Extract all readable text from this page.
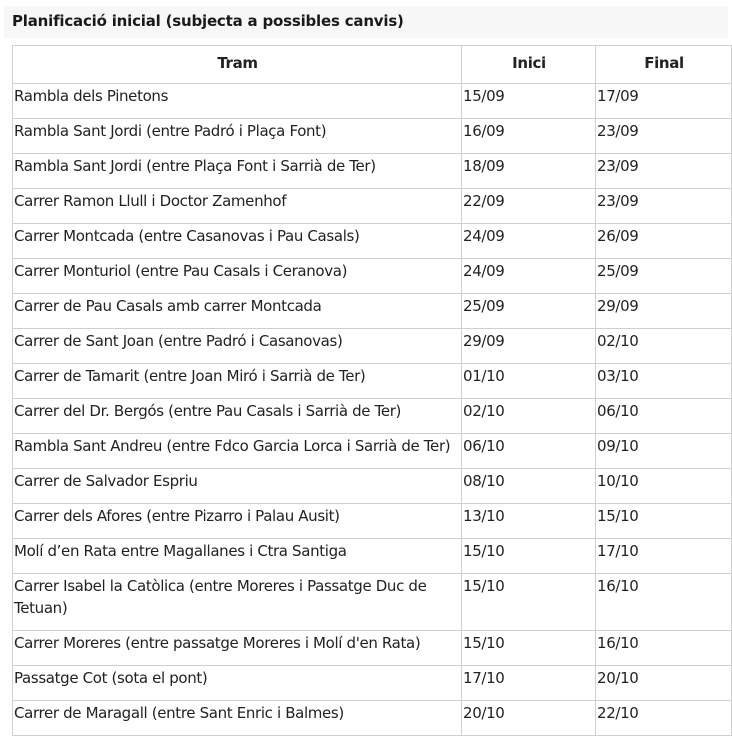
Planificació inicial (subjecta a possibles canvis)
Tram	Inici	Final
Rambla dels Pinetons	15/09	17/09
Rambla Sant Jordi (entre Padró i Plaça Font)	16/09	23/09
Rambla Sant Jordi (entre Plaça Font i Sarrià de Ter)	18/09	23/09
Carrer Ramon Llull i Doctor Zamenhof	22/09	23/09
Carrer Montcada (entre Casanovas i Pau Casals)	24/09	26/09
Carrer Monturiol (entre Pau Casals i Ceranova)	24/09	25/09
Carrer de Pau Casals amb carrer Montcada	25/09	29/09
Carrer de Sant Joan (entre Padró i Casanovas)	29/09	02/10
Carrer de Tamarit (entre Joan Miró i Sarrià de Ter)	01/10	03/10
Carrer del Dr. Bergós (entre Pau Casals i Sarrià de Ter)	02/10	06/10
Rambla Sant Andreu (entre Fdco Garcia Lorca i Sarrià de Ter)	06/10	09/10
Carrer de Salvador Espriu	08/10	10/10
Carrer dels Afores (entre Pizarro i Palau Ausit)	13/10	15/10
Molí d’en Rata entre Magallanes i Ctra Santiga	15/10	17/10
Carrer Isabel la Catòlica (entre Moreres i Passatge Duc de Tetuan)	15/10	16/10
Carrer Moreres (entre passatge Moreres i Molí d'en Rata)	15/10	16/10
Passatge Cot (sota el pont)	17/10	20/10
Carrer de Maragall (entre Sant Enric i Balmes)	20/10	22/10
